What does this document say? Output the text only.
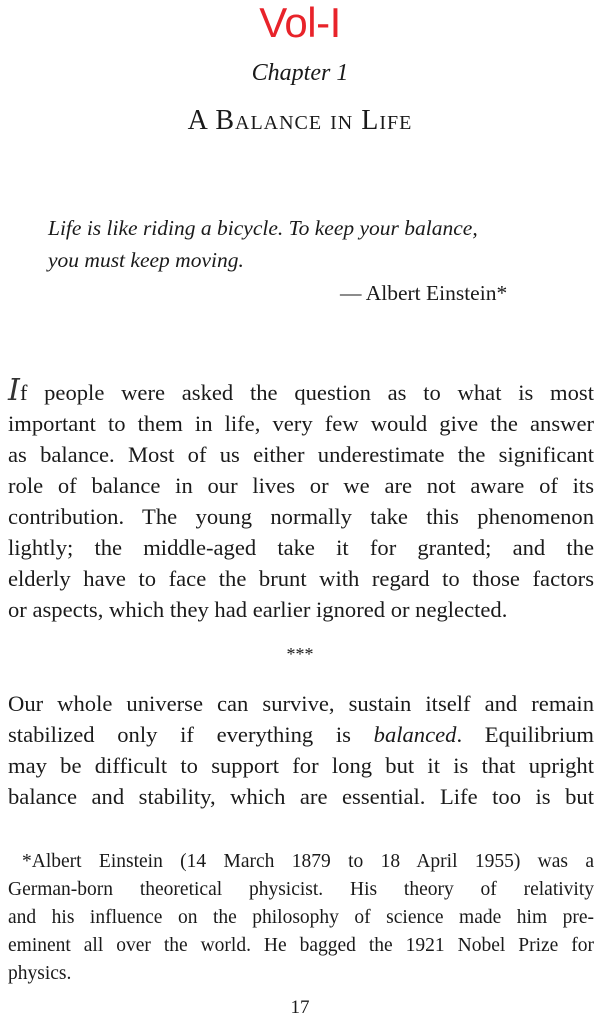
Vol-I
Chapter 1
A Balance in Life
Life is like riding a bicycle. To keep your balance,
you must keep moving.
— Albert Einstein*
If people were asked the question as to what is most
important to them in life, very few would give the answer
as balance. Most of us either underestimate the significant
role of balance in our lives or we are not aware of its
contribution. The young normally take this phenomenon
lightly; the middle-aged take it for granted; and the
elderly have to face the brunt with regard to those factors
or aspects, which they had earlier ignored or neglected.
***
Our whole universe can survive, sustain itself and remain
stabilized only if everything is balanced. Equilibrium
may be difficult to support for long but it is that upright
balance and stability, which are essential. Life too is but
*Albert Einstein (14 March 1879 to 18 April 1955) was a
German-born theoretical physicist. His theory of relativity
and his influence on the philosophy of science made him pre-
eminent all over the world. He bagged the 1921 Nobel Prize for
physics.
17
